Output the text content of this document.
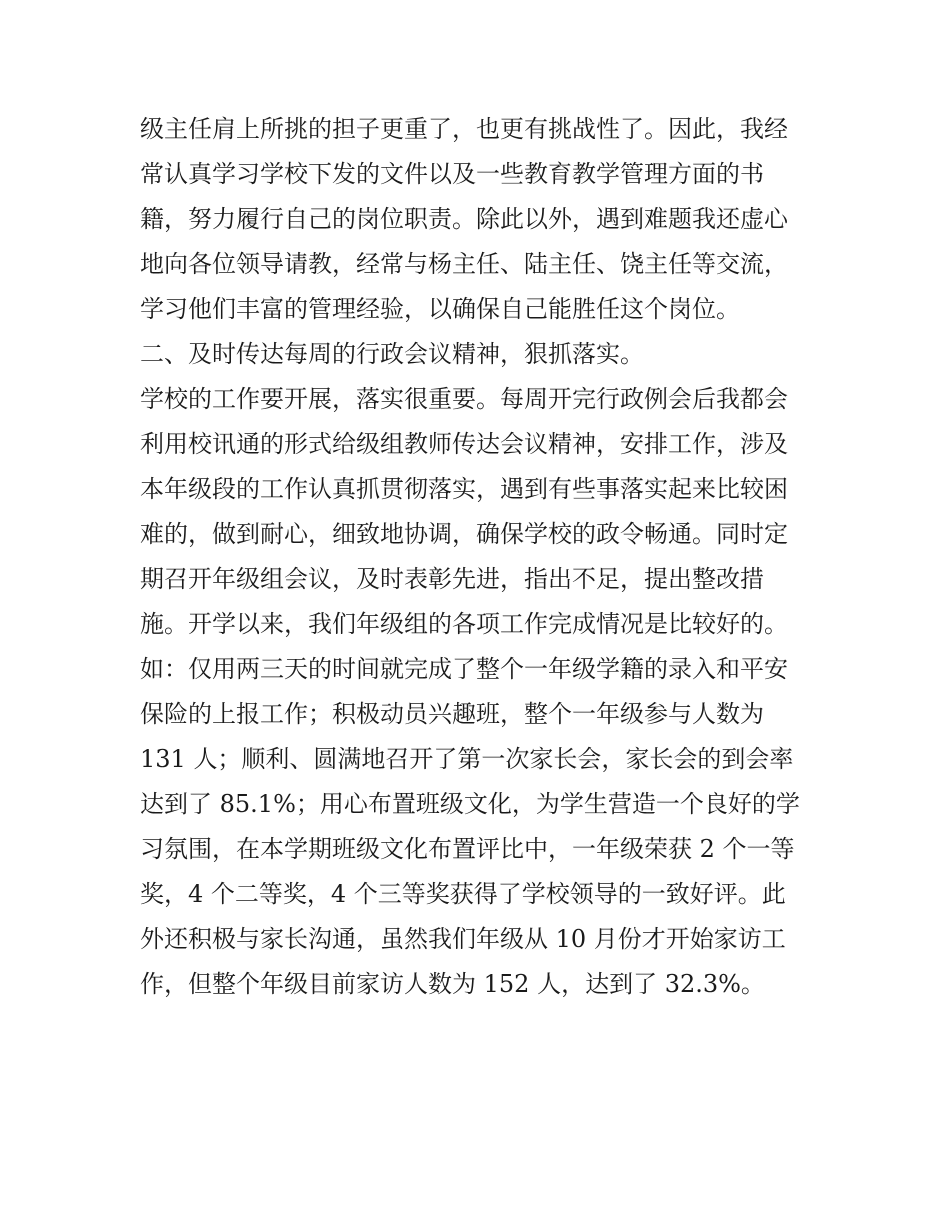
级主任肩上所挑的担子更重了，也更有挑战性了。因此，我经
常认真学习学校下发的文件以及一些教育教学管理方面的书
籍，努力履行自己的岗位职责。除此以外，遇到难题我还虚心
地向各位领导请教，经常与杨主任、陆主任、饶主任等交流，
学习他们丰富的管理经验，以确保自己能胜任这个岗位。
二、及时传达每周的行政会议精神，狠抓落实。
学校的工作要开展，落实很重要。每周开完行政例会后我都会
利用校讯通的形式给级组教师传达会议精神，安排工作，涉及
本年级段的工作认真抓贯彻落实，遇到有些事落实起来比较困
难的，做到耐心，细致地协调，确保学校的政令畅通。同时定
期召开年级组会议，及时表彰先进，指出不足，提出整改措
施。开学以来，我们年级组的各项工作完成情况是比较好的。
如：仅用两三天的时间就完成了整个一年级学籍的录入和平安
保险的上报工作；积极动员兴趣班，整个一年级参与人数为
131 人；顺利、圆满地召开了第一次家长会，家长会的到会率
达到了 85.1%；用心布置班级文化，为学生营造一个良好的学
习氛围，在本学期班级文化布置评比中，一年级荣获 2 个一等
奖，4 个二等奖，4 个三等奖获得了学校领导的一致好评。此
外还积极与家长沟通，虽然我们年级从 10 月份才开始家访工
作，但整个年级目前家访人数为 152 人，达到了 32.3%。
